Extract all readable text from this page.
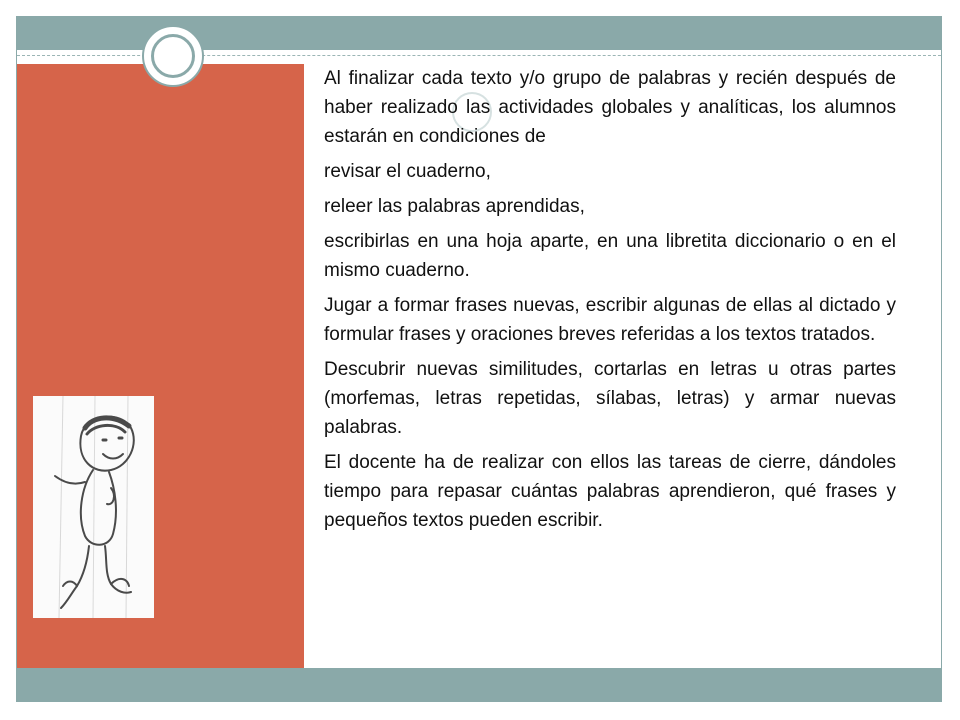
Al finalizar cada texto y/o grupo de palabras y recién después de haber realizado las actividades globales y analíticas, los alumnos estarán en condiciones de

revisar el cuaderno,

releer las palabras aprendidas,

escribirlas en una hoja aparte, en una libretita diccionario o en el mismo cuaderno.

Jugar a formar frases nuevas, escribir algunas de ellas al dictado y formular frases y oraciones breves referidas a los textos tratados.

Descubrir nuevas similitudes, cortarlas en letras u otras partes (morfemas, letras repetidas, sílabas, letras) y armar nuevas palabras.

El docente ha de realizar con ellos las tareas de cierre, dándoles tiempo para repasar cuántas palabras aprendieron, qué frases y pequeños textos pueden escribir.
